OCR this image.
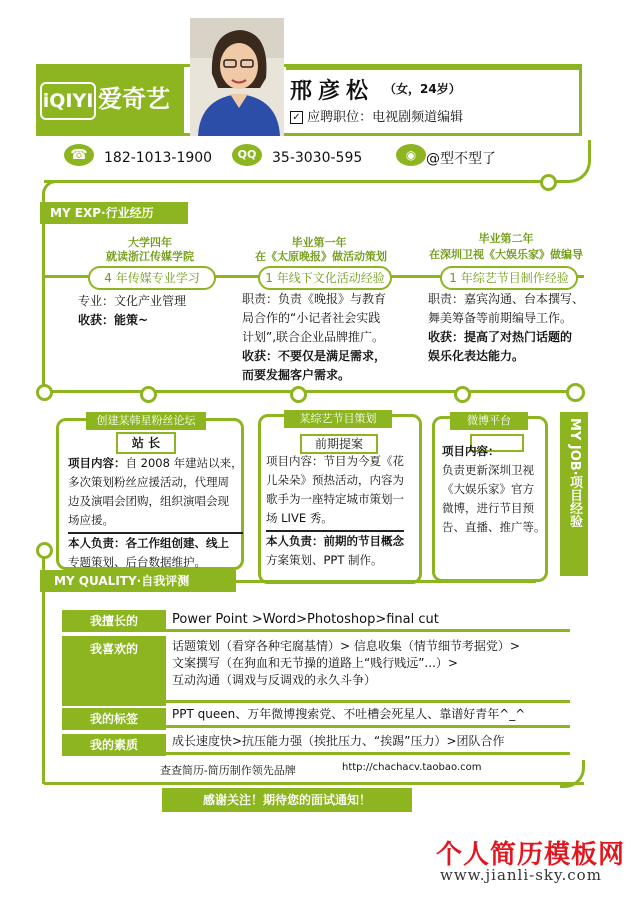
iQIYI 爱奇艺	邢彦松 （女，24岁）
✓ 应聘职位：电视剧频道编辑
☎	182-1013-1900	QQ	35-3030-595	◉ @型不型了
MY EXP·行业经历
大学四年
就读浙江传媒学院
4 年传媒专业学习
专业：文化产业管理
收获：能策~
毕业第一年
在《太原晚报》做活动策划
1 年线下文化活动经验
职责：负责《晚报》与教育
局合作的“小记者社会实践
计划”,联合企业品牌推广。
收获：不要仅是满足需求，
而要发掘客户需求。
毕业第二年
在深圳卫视《大娱乐家》做编导
1 年综艺节目制作经验
职责：嘉宾沟通、台本撰写、
舞美筹备等前期编导工作。
收获：提高了对热门话题的
娱乐化表达能力。
MY JOB·项目经验
创建某韩星粉丝论坛
站 长
项目内容：自 2008 年建站以来，
多次策划粉丝应援活动，代理周
边及演唱会团购，组织演唱会现
场应援。
本人负责：各工作组创建、线上
专题策划、后台数据维护。
某综艺节目策划
前期提案
项目内容：节目为今夏《花
儿朵朵》预热活动，内容为
歌手为一座特定城市策划一
场 LIVE 秀。
本人负责：前期的节目概念
方案策划、PPT 制作。
微博平台
项目内容：
负责更新深圳卫视
《大娱乐家》官方
微博，进行节目预
告、直播、推广等。
MY QUALITY·自我评测
我擅长的	Power Point >Word>Photoshop>final cut
我喜欢的	话题策划（看穿各种宅腐基情）> 信息收集（情节细节考据党）>
文案撰写（在狗血和无节操的道路上“贱行贱远”...）>
互动沟通（调戏与反调戏的永久斗争）
我的标签	PPT queen、万年微博搜索党、不吐槽会死星人、靠谱好青年^_^
我的素质	成长速度快>抗压能力强（挨批压力、“挨踢”压力）>团队合作
查查简历-简历制作领先品牌	http://chachacv.taobao.com
感谢关注！期待您的面试通知！
个人简历模板网
www.jianli-sky.com
